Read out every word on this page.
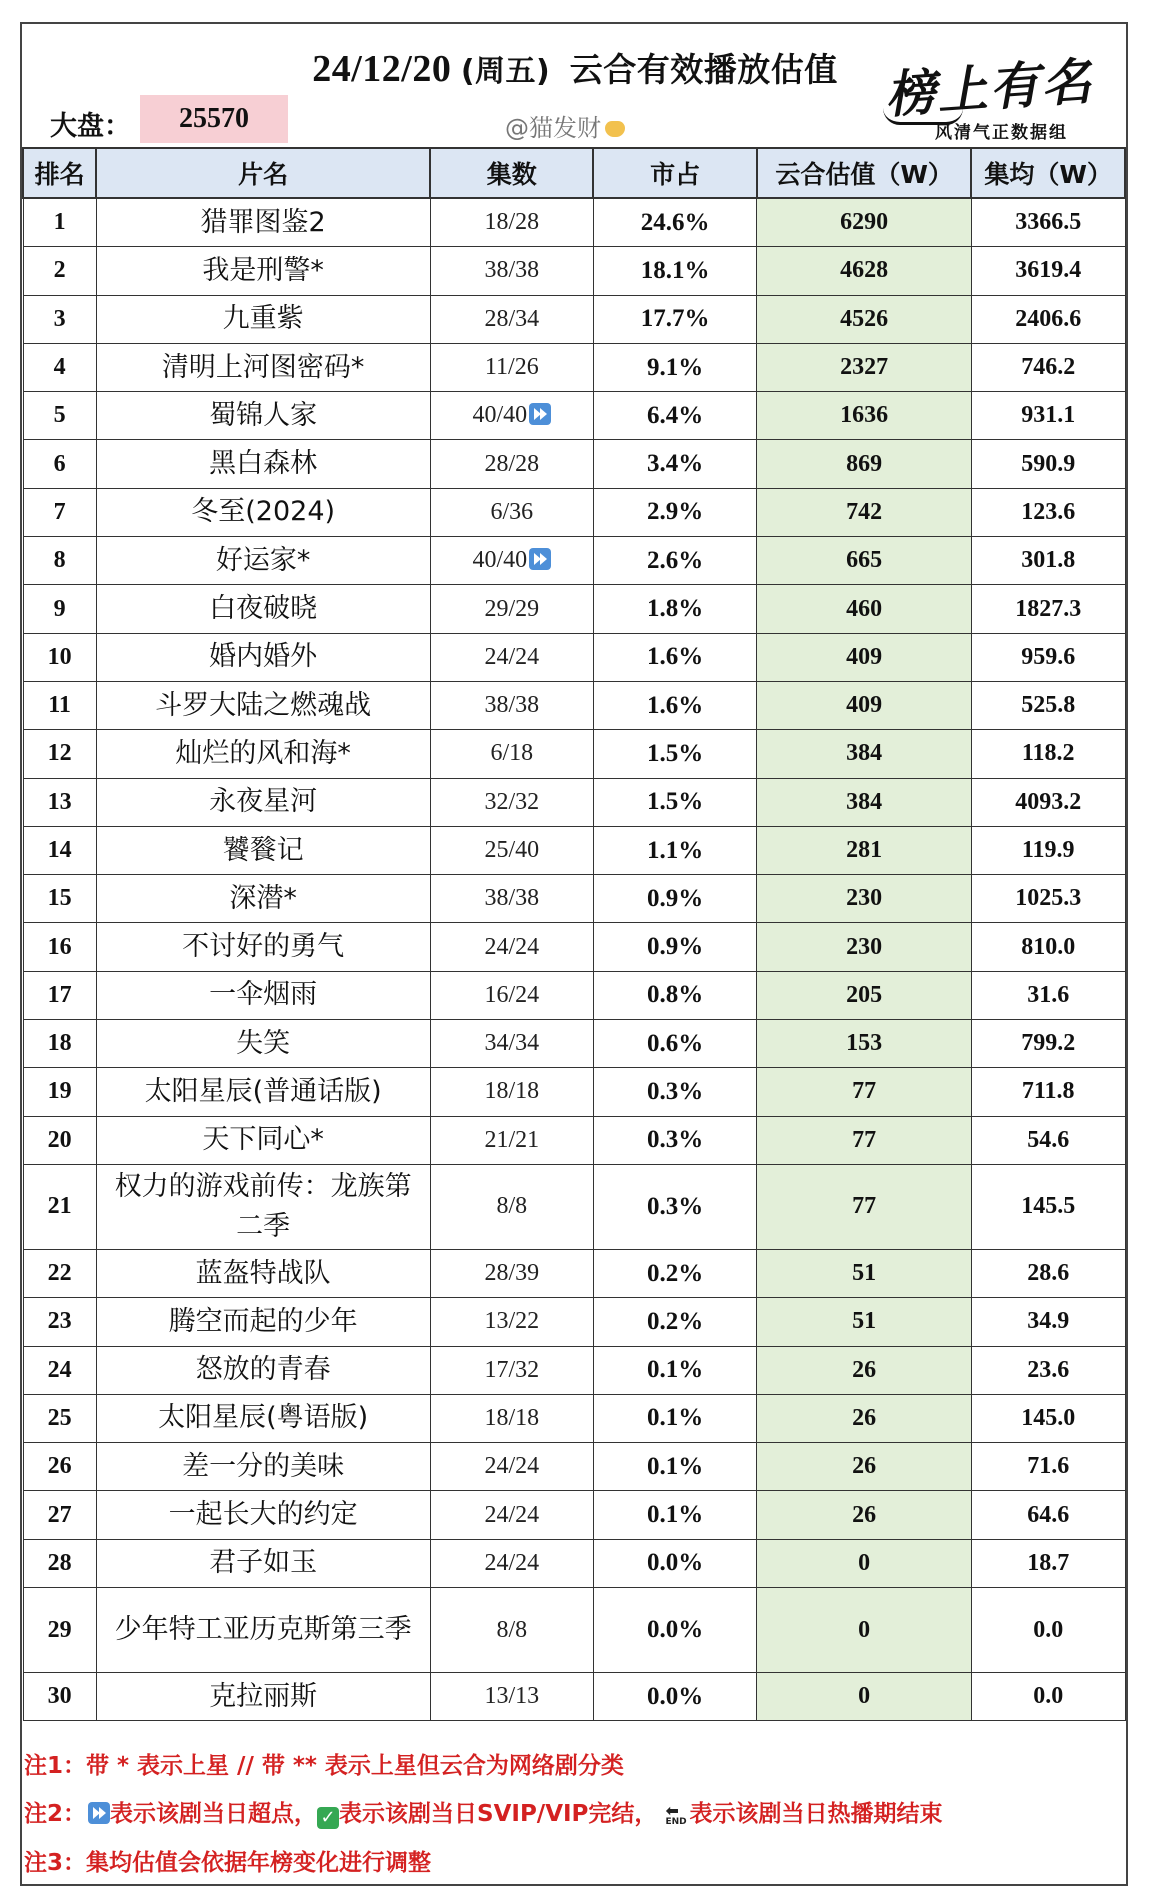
24/12/20 (周五) 云合有效播放估值
大盘：	25570	@猫发财
榜上有名
风清气正数据组
排名	片名	集数	市占	云合估值（W）	集均（W）
1	猎罪图鉴2	18/28	24.6%	6290	3366.5
2	我是刑警*	38/38	18.1%	4628	3619.4
3	九重紫	28/34	17.7%	4526	2406.6
4	清明上河图密码*	11/26	9.1%	2327	746.2
5	蜀锦人家	40/40	6.4%	1636	931.1
6	黑白森林	28/28	3.4%	869	590.9
7	冬至(2024)	6/36	2.9%	742	123.6
8	好运家*	40/40	2.6%	665	301.8
9	白夜破晓	29/29	1.8%	460	1827.3
10	婚内婚外	24/24	1.6%	409	959.6
11	斗罗大陆之燃魂战	38/38	1.6%	409	525.8
12	灿烂的风和海*	6/18	1.5%	384	118.2
13	永夜星河	32/32	1.5%	384	4093.2
14	饕餮记	25/40	1.1%	281	119.9
15	深潜*	38/38	0.9%	230	1025.3
16	不讨好的勇气	24/24	0.9%	230	810.0
17	一伞烟雨	16/24	0.8%	205	31.6
18	失笑	34/34	0.6%	153	799.2
19	太阳星辰(普通话版)	18/18	0.3%	77	711.8
20	天下同心*	21/21	0.3%	77	54.6
21	权力的游戏前传：龙族第二季	8/8	0.3%	77	145.5
22	蓝盔特战队	28/39	0.2%	51	28.6
23	腾空而起的少年	13/22	0.2%	51	34.9
24	怒放的青春	17/32	0.1%	26	23.6
25	太阳星辰(粤语版)	18/18	0.1%	26	145.0
26	差一分的美味	24/24	0.1%	26	71.6
27	一起长大的约定	24/24	0.1%	26	64.6
28	君子如玉	24/24	0.0%	0	18.7
29	少年特工亚历克斯第三季	8/8	0.0%	0	0.0
30	克拉丽斯	13/13	0.0%	0	0.0
注1：带 * 表示上星 // 带 ** 表示上星但云合为网络剧分类
注2： 表示该剧当日超点， ✓ 表示该剧当日SVIP/VIP完结， ⬅
END 表示该剧当日热播期结束
注3：集均估值会依据年榜变化进行调整
